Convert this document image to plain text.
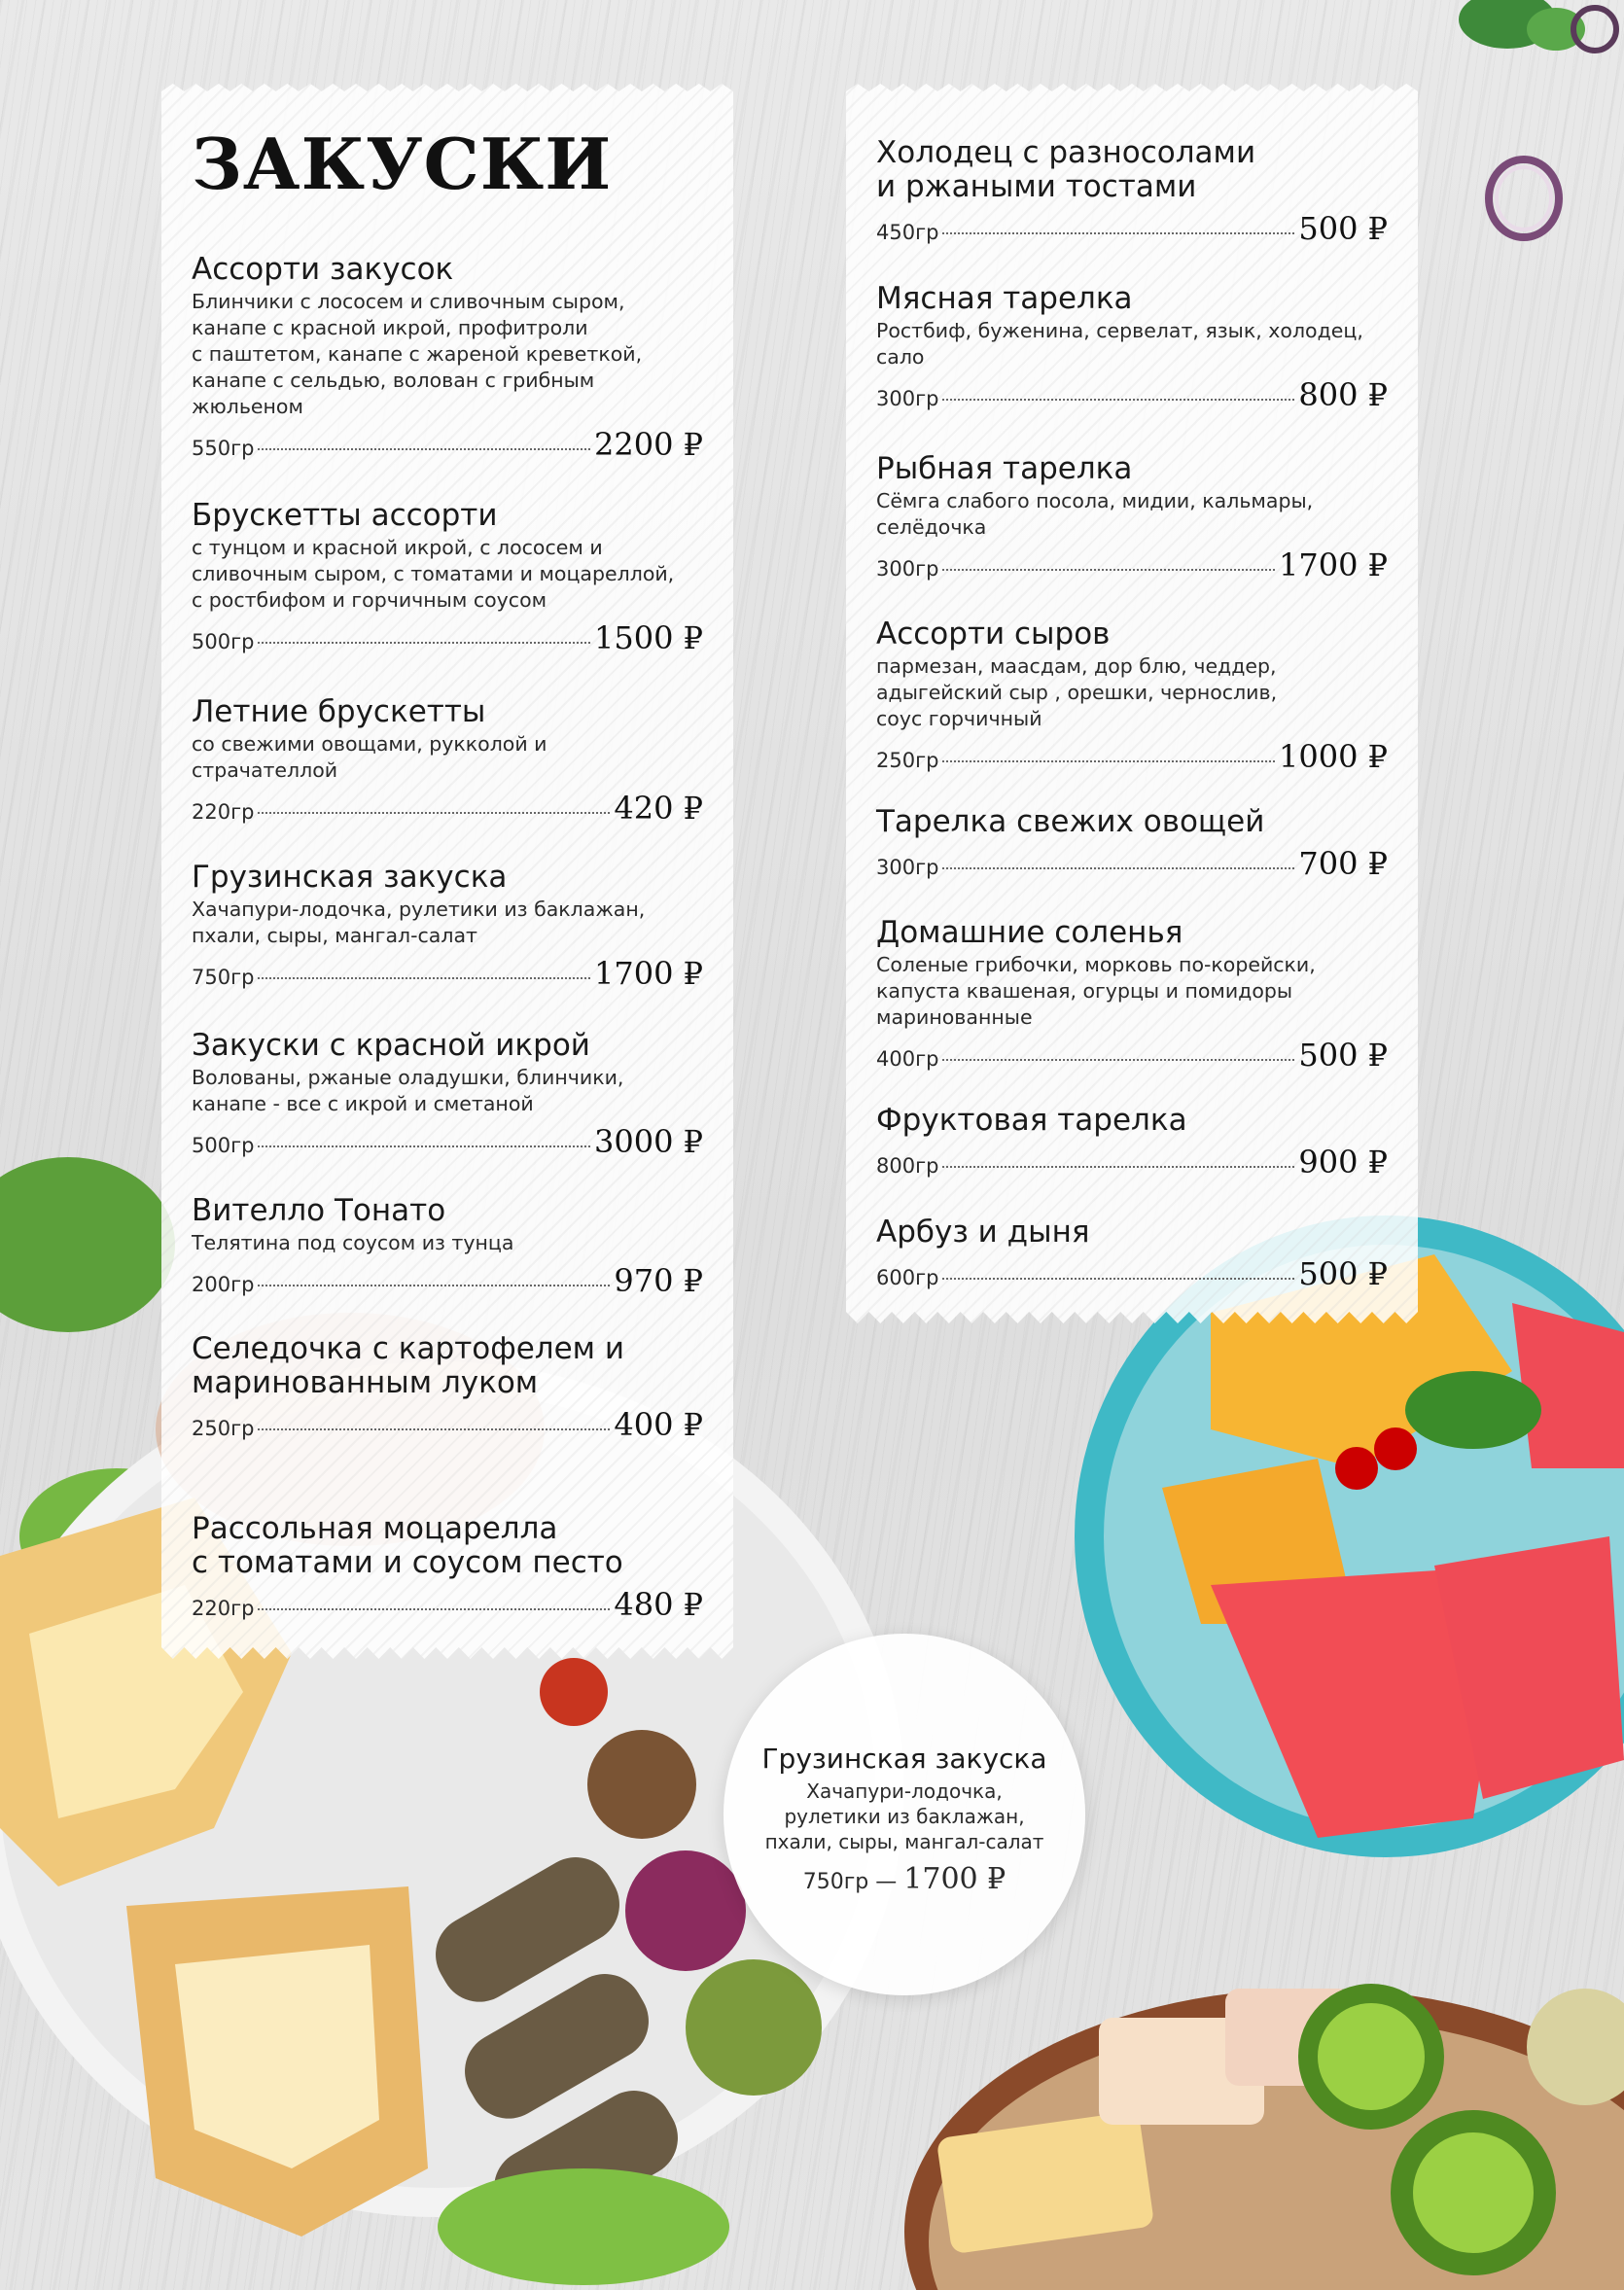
ЗАКУСКИ
Ассорти закусок
Блинчики с лососем и сливочным сыром,
канапе с красной икрой, профитроли
с паштетом, канапе с жареной креветкой,
канапе с сельдью, волован с грибным
жюльеном
550гр	2200 ₽
Брускетты ассорти
с тунцом и красной икрой, с лососем и
сливочным сыром, с томатами и моцареллой,
с ростбифом и горчичным соусом
500гр	1500 ₽
Летние брускетты
со свежими овощами, рукколой и
страчателлой
220гр	420 ₽
Грузинская закуска
Хачапури-лодочка, рулетики из баклажан,
пхали, сыры, мангал-салат
750гр	1700 ₽
Закуски с красной икрой
Волованы, ржаные оладушки, блинчики,
канапе - все с икрой и сметаной
500гр	3000 ₽
Вителло Тонато
Телятина под соусом из тунца
200гр	970 ₽
Селедочка с картофелем и
маринованным луком
250гр	400 ₽
Рассольная моцарелла
с томатами и соусом песто
220гр	480 ₽
Холодец с разносолами
и ржаными тостами
450гр	500 ₽
Мясная тарелка
Ростбиф, буженина, сервелат, язык, холодец,
сало
300гр	800 ₽
Рыбная тарелка
Сёмга слабого посола, мидии, кальмары,
селёдочка
300гр	1700 ₽
Ассорти сыров
пармезан, маасдам, дор блю, чеддер,
адыгейский сыр , орешки, чернослив,
соус горчичный
250гр	1000 ₽
Тарелка свежих овощей
300гр	700 ₽
Домашние соленья
Соленые грибочки, морковь по-корейски,
капуста квашеная, огурцы и помидоры
маринованные
400гр	500 ₽
Фруктовая тарелка
800гр	900 ₽
Арбуз и дыня
600гр	500 ₽
Грузинская закуска
Хачапури-лодочка,
рулетики из баклажан,
пхали, сыры, мангал-салат
750гр — 1700 ₽
